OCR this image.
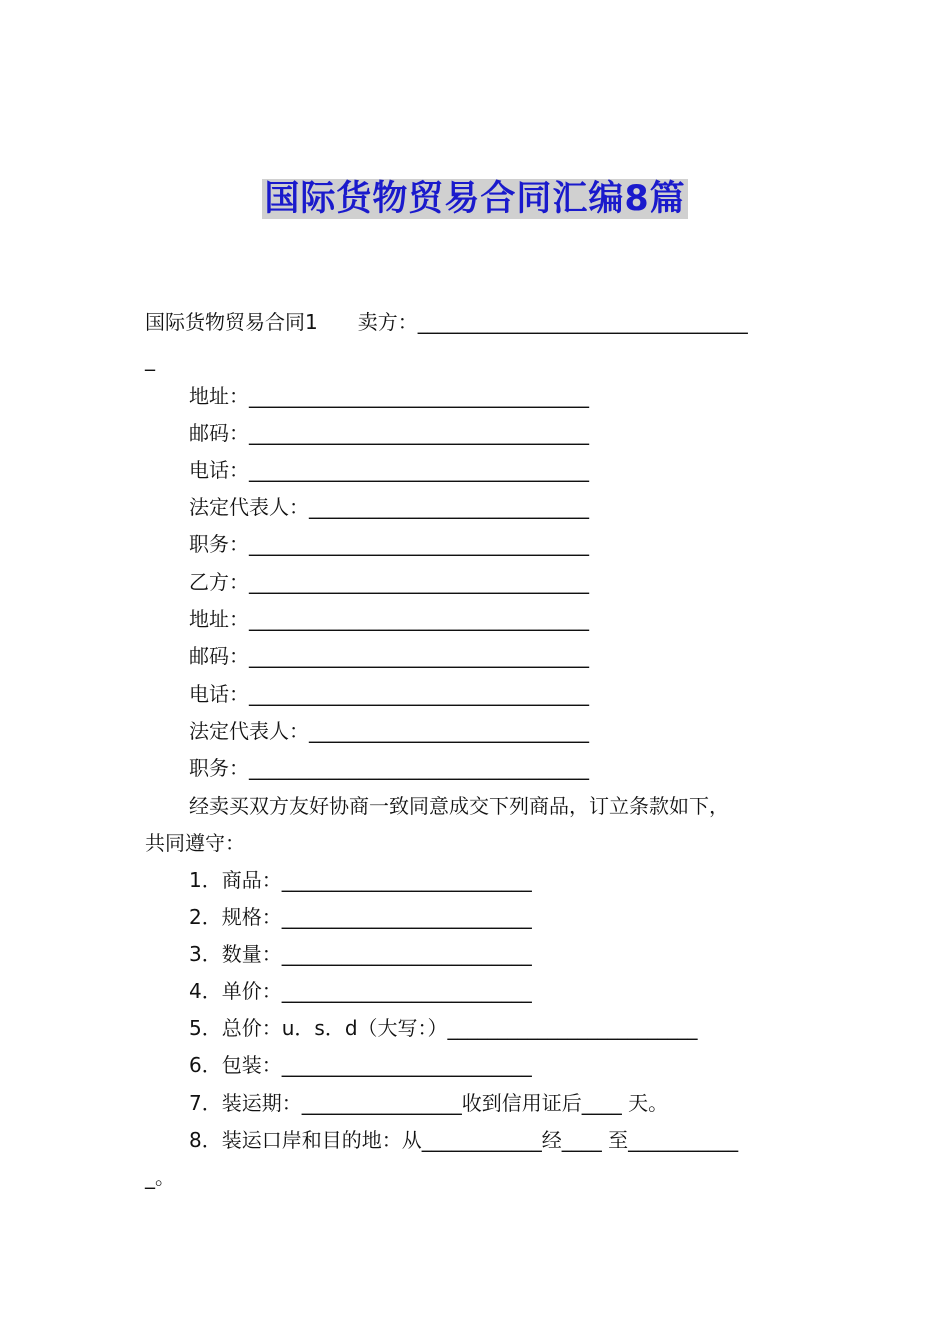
国际货物贸易合同汇编8篇
国际货物贸易合同1　　卖方：_________________________________
_
地址：__________________________________
邮码：__________________________________
电话：__________________________________
法定代表人：____________________________
职务：__________________________________
乙方：__________________________________
地址：__________________________________
邮码：__________________________________
电话：__________________________________
法定代表人：____________________________
职务：__________________________________
经卖买双方友好协商一致同意成交下列商品，订立条款如下，
共同遵守：
1．商品：_________________________
2．规格：_________________________
3．数量：_________________________
4．单价：_________________________
5．总价：u．s．d（大写：）_________________________
6．包装：_________________________
7．装运期：________________收到信用证后____ 天。
8．装运口岸和目的地：从____________经____ 至___________
_。
